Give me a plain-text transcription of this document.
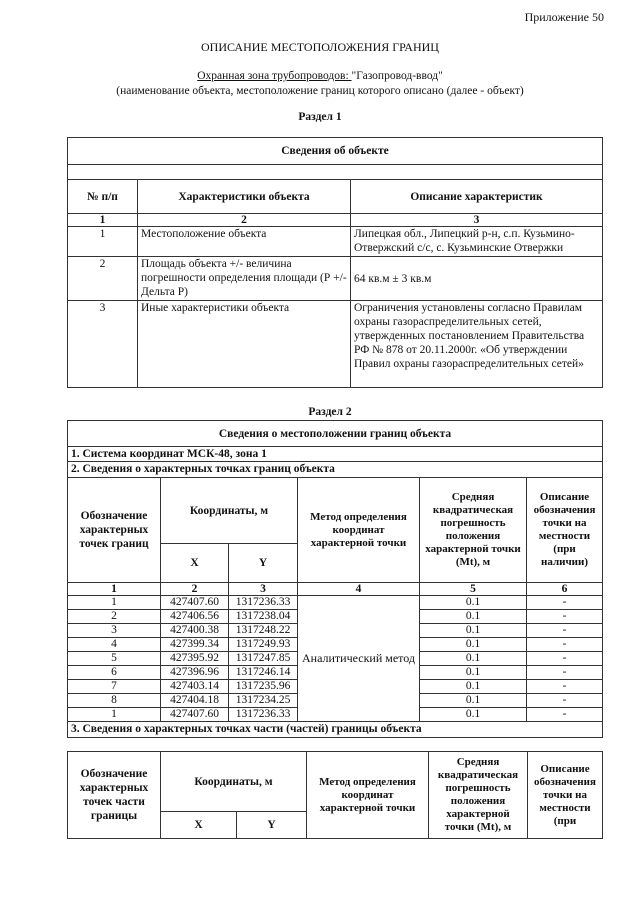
Приложение 50
ОПИСАНИЕ МЕСТОПОЛОЖЕНИЯ ГРАНИЦ
Охранная зона трубопроводов: "Газопровод-ввод"
(наименование объекта, местоположение границ которого описано (далее - объект)
Раздел 1
Сведения об объекте		

№ п/п	Характеристики объекта	Описание характеристик
1	2	3
1	Местоположение объекта	Липецкая обл., Липецкий р-н, с.п. Кузьмино-Отвержский с/с, с. Кузьминские Отвержки
2	Площадь объекта +/- величина погрешности определения площади (Р +/- Дельта Р)	64 кв.м ± 3 кв.м
3	Иные характеристики объекта	Ограничения установлены согласно Правилам охраны газораспределительных сетей, утвержденных постановлением Правительства РФ № 878 от 20.11.2000г. «Об утверждении Правил охраны газораспределительных сетей»
Раздел 2
Сведения о местоположении границ объекта					
1. Система координат МСК-48, зона 1					
2. Сведения о характерных точках границ объекта					
Обозначение характерных точек границ	Координаты, м		Метод определения координат характерной точки	Средняя квадратическая погрешность положения характерной точки (Mt), м	Описание обозначения точки на местности (при наличии)
	X	Y			
1	2	3	4	5	6
1	427407.60	1317236.33	Аналитический метод	0.1	-
2	427406.56	1317238.04		0.1	-
3	427400.38	1317248.22		0.1	-
4	427399.34	1317249.93		0.1	-
5	427395.92	1317247.85		0.1	-
6	427396.96	1317246.14		0.1	-
7	427403.14	1317235.96		0.1	-
8	427404.18	1317234.25		0.1	-
1	427407.60	1317236.33		0.1	-
3. Сведения о характерных точках части (частей) границы объекта					
Обозначение характерных точек части границы	Координаты, м		Метод определения координат характерной точки	Средняя квадратическая погрешность положения характерной точки (Mt), м	Описание обозначения точки на местности (при
	X	Y			
